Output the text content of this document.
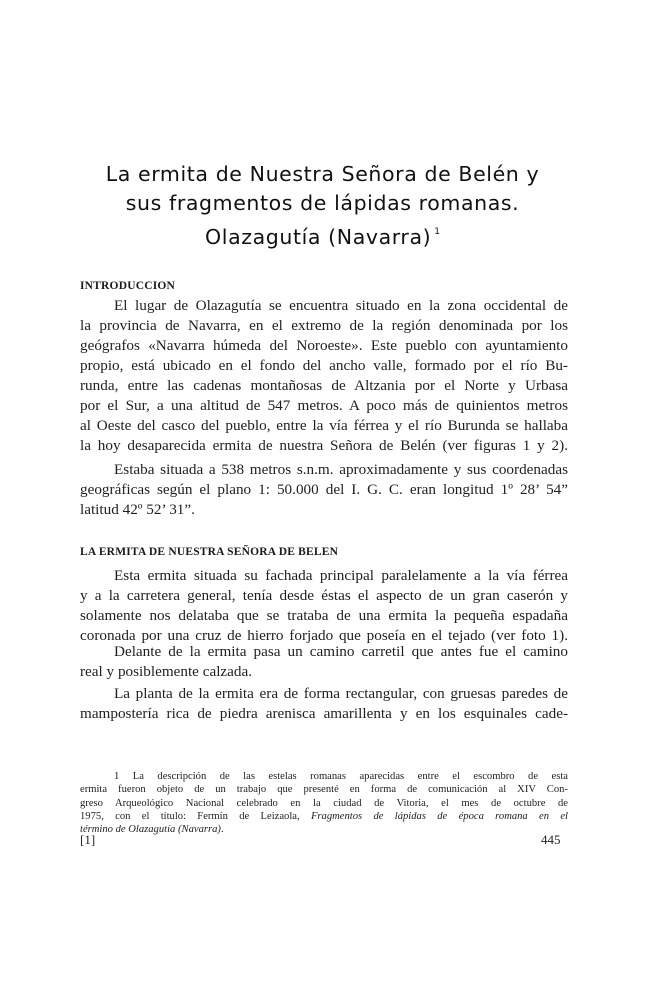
La ermita de Nuestra Señora de Belén y
sus fragmentos de lápidas romanas.
Olazagutía (Navarra) $^1$
INTRODUCCION
El lugar de Olazagutía se encuentra situado en la zona occidental de
la provincia de Navarra, en el extremo de la región denominada por los
geógrafos «Navarra húmeda del Noroeste». Este pueblo con ayuntamiento
propio, está ubicado en el fondo del ancho valle, formado por el río Bu-
runda, entre las cadenas montañosas de Altzania por el Norte y Urbasa
por el Sur, a una altitud de 547 metros. A poco más de quinientos metros
al Oeste del casco del pueblo, entre la vía férrea y el río Burunda se hallaba
la hoy desaparecida ermita de nuestra Señora de Belén (ver figuras 1 y 2).
Estaba situada a 538 metros s.n.m. aproximadamente y sus coordenadas
geográficas según el plano 1: 50.000 del I. G. C. eran longitud 1º 28’ 54”
latitud 42º 52’ 31”.
LA ERMITA DE NUESTRA SEÑORA DE BELEN
Esta ermita situada su fachada principal paralelamente a la vía férrea
y a la carretera general, tenía desde éstas el aspecto de un gran caserón y
solamente nos delataba que se trataba de una ermita la pequeña espadaña
coronada por una cruz de hierro forjado que poseía en el tejado (ver foto 1).
Delante de la ermita pasa un camino carretil que antes fue el camino
real y posiblemente calzada.
La planta de la ermita era de forma rectangular, con gruesas paredes de
mampostería rica de piedra arenisca amarillenta y en los esquinales cade-
1 La descripción de las estelas romanas aparecidas entre el escombro de esta
ermita fueron objeto de un trabajo que presenté en forma de comunicación al XIV Con-
greso Arqueológico Nacional celebrado en la ciudad de Vitoria, el mes de octubre de
1975, con el título: Fermín de Leizaola, Fragmentos de lápidas de época romana en el
término de Olazagutía (Navarra).
[1]	445
